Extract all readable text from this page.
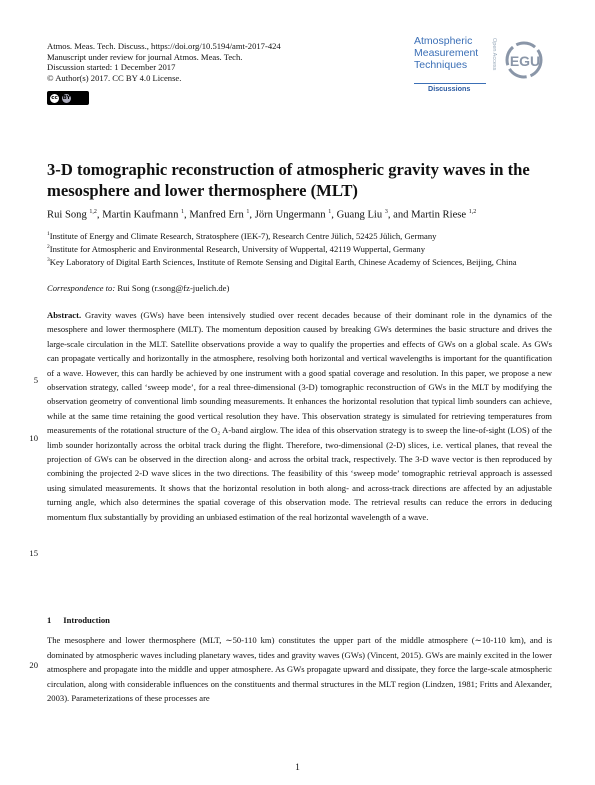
Atmos. Meas. Tech. Discuss., https://doi.org/10.5194/amt-2017-424
Manuscript under review for journal Atmos. Meas. Tech.
Discussion started: 1 December 2017
© Author(s) 2017. CC BY 4.0 License.
cc BY
Atmospheric
Measurement
Techniques	Open Access EGU
Discussions
3-D tomographic reconstruction of atmospheric gravity waves in the mesosphere and lower thermosphere (MLT)
Rui Song $^{1,2}$, Martin Kaufmann $^1$, Manfred Ern $^1$, Jörn Ungermann $^1$, Guang Liu $^3$, and Martin Riese $^{1,2}$
$^1$Institute of Energy and Climate Research, Stratosphere (IEK-7), Research Centre Jülich, 52425 Jülich, Germany
$^2$Institute for Atmospheric and Environmental Research, University of Wuppertal, 42119 Wuppertal, Germany
$^3$Key Laboratory of Digital Earth Sciences, Institute of Remote Sensing and Digital Earth, Chinese Academy of Sciences, Beijing, China
Correspondence to: Rui Song (r.song@fz-juelich.de)
Abstract. Gravity waves (GWs) have been intensively studied over recent decades because of their dominant role in the dynamics of the mesosphere and lower thermosphere (MLT). The momentum deposition caused by breaking GWs determines the basic structure and drives the large-scale circulation in the MLT. Satellite observations provide a way to qualify the properties and effects of GWs on a global scale. As GWs can propagate vertically and horizontally in the atmosphere, resolving both horizontal and vertical wavelengths is important for the quantification of a wave. However, this can hardly be achieved by one instrument with a good spatial coverage and resolution. In this paper, we propose a new observation strategy, called ‘sweep mode’, for a real three-dimensional (3-D) tomographic reconstruction of GWs in the MLT by modifying the observation geometry of conventional limb sounding measurements. It enhances the horizontal resolution that typical limb sounders can achieve, while at the same time retaining the good vertical resolution they have. This observation strategy is simulated for retrieving temperatures from measurements of the rotational structure of the O₂ A-band airglow. The idea of this observation strategy is to sweep the line-of-sight (LOS) of the limb sounder horizontally across the orbital track during the flight. Therefore, two-dimensional (2-D) slices, i.e. vertical planes, that reveal the projection of GWs can be observed in the direction along- and across the orbital track, respectively. The 3-D wave vector is then reproduced by combining the projected 2-D wave slices in the two directions. The feasibility of this ‘sweep mode’ tomographic retrieval approach is assessed using simulated measurements. It shows that the horizontal resolution in both along- and across-track directions are affected by an adjustable turning angle, which also determines the spatial coverage of this observation mode. The retrieval results can reduce the errors in deducing momentum flux substantially by providing an unbiased estimation of the real horizontal wavelength of a wave.
5
10
15
20
1 Introduction
The mesosphere and lower thermosphere (MLT, ∼50-110 km) constitutes the upper part of the middle atmosphere (∼10-110 km), and is dominated by atmospheric waves including planetary waves, tides and gravity waves (GWs) (Vincent, 2015). GWs are mainly excited in the lower atmosphere and propagate into the middle and upper atmosphere. As GWs propagate upward and dissipate, they force the large-scale atmospheric circulation, along with considerable influences on the constituents and thermal structures in the MLT region (Lindzen, 1981; Fritts and Alexander, 2003). Parameterizations of these processes are
1
